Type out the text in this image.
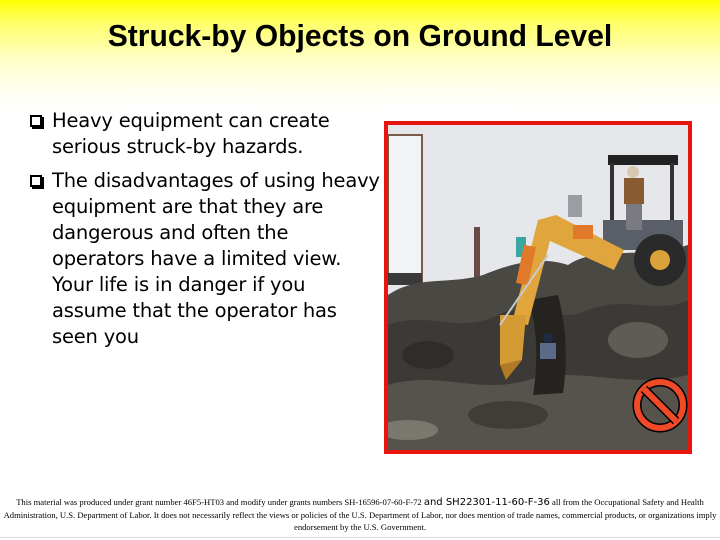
Struck-by Objects on Ground Level
Heavy equipment can create serious struck-by hazards.
The disadvantages of using heavy equipment are that they are dangerous and often the operators have a limited view. Your life is in danger if you assume that the operator has seen you
This material was produced under grant number 46F5-HT03 and modify under grants numbers SH-16596-07-60-F-72 and SH22301-11-60-F-36 all from the Occupational Safety and Health Administration, U.S. Department of Labor. It does not necessarily reflect the views or policies of the U.S. Department of Labor, nor does mention of trade names, commercial products, or organizations imply endorsement by the U.S. Government.
